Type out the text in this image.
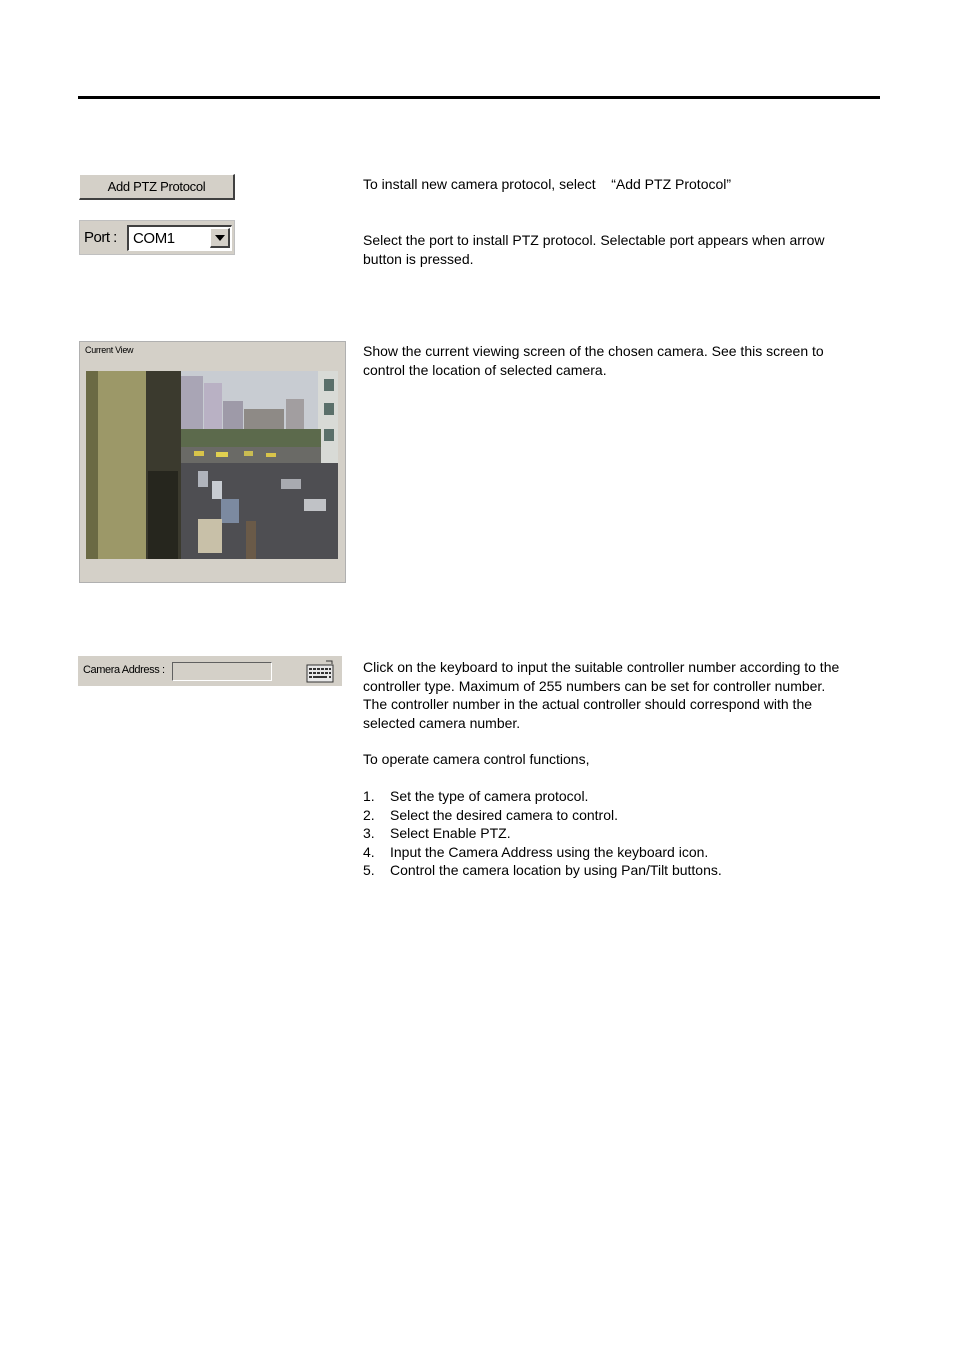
Add PTZ Protocol	To install new camera protocol, select    “Add PTZ Protocol”
Port : COM1	Select the port to install PTZ protocol. Selectable port appears when arrow
button is pressed.
Current View	Show the current viewing screen of the chosen camera. See this screen to
control the location of selected camera.
Camera Address :	Click on the keyboard to input the suitable controller number according to the
controller type. Maximum of 255 numbers can be set for controller number.
The controller number in the actual controller should correspond with the
selected camera number.
To operate camera control functions,
1. Set the type of camera protocol.
2. Select the desired camera to control.
3. Select Enable PTZ.
4. Input the Camera Address using the keyboard icon.
5. Control the camera location by using Pan/Tilt buttons.
